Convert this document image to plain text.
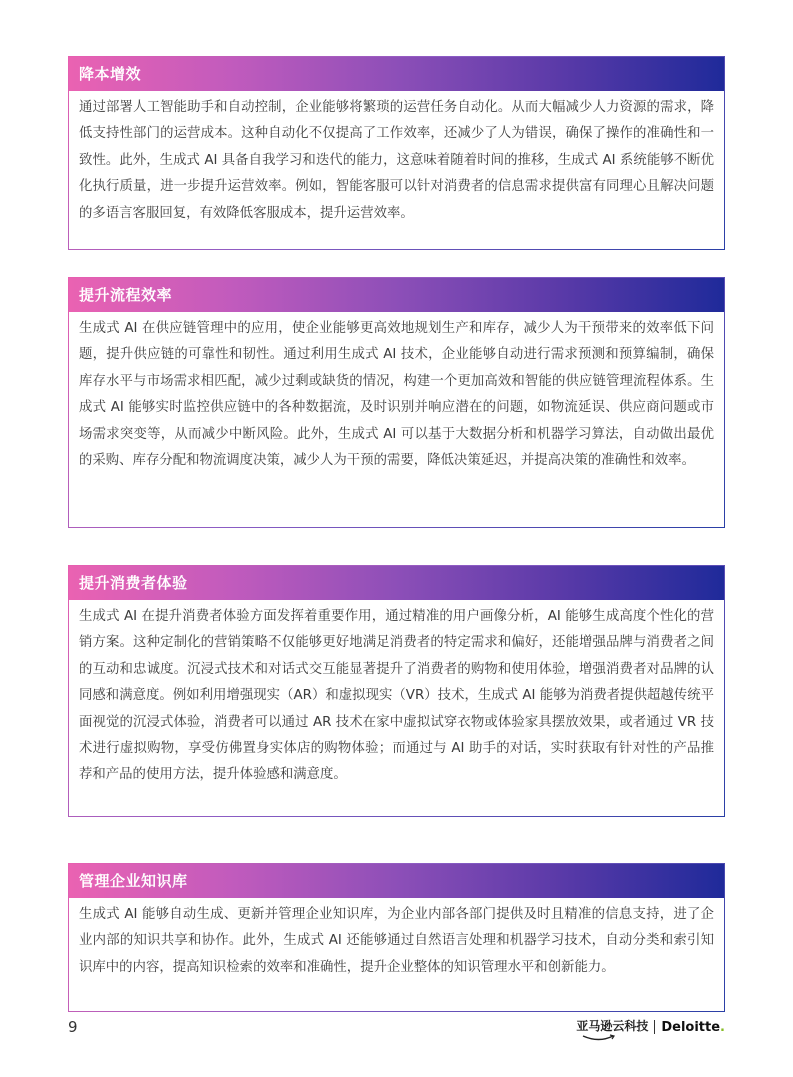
降本增效
通过部署人工智能助手和自动控制，企业能够将繁琐的运营任务自动化。从而大幅减少人力资源的需求，降低支持性部门的运营成本。这种自动化不仅提高了工作效率，还减少了人为错误，确保了操作的准确性和一致性。此外，生成式 AI 具备自我学习和迭代的能力，这意味着随着时间的推移，生成式 AI 系统能够不断优化执行质量，进一步提升运营效率。例如，智能客服可以针对消费者的信息需求提供富有同理心且解决问题的多语言客服回复，有效降低客服成本，提升运营效率。
提升流程效率
生成式 AI 在供应链管理中的应用，使企业能够更高效地规划生产和库存，减少人为干预带来的效率低下问题，提升供应链的可靠性和韧性。通过利用生成式 AI 技术，企业能够自动进行需求预测和预算编制，确保库存水平与市场需求相匹配，减少过剩或缺货的情况，构建一个更加高效和智能的供应链管理流程体系。生成式 AI 能够实时监控供应链中的各种数据流，及时识别并响应潜在的问题，如物流延误、供应商问题或市场需求突变等，从而减少中断风险。此外，生成式 AI 可以基于大数据分析和机器学习算法，自动做出最优的采购、库存分配和物流调度决策，减少人为干预的需要，降低决策延迟，并提高决策的准确性和效率。
提升消费者体验
生成式 AI 在提升消费者体验方面发挥着重要作用，通过精准的用户画像分析，AI 能够生成高度个性化的营销方案。这种定制化的营销策略不仅能够更好地满足消费者的特定需求和偏好，还能增强品牌与消费者之间的互动和忠诚度。沉浸式技术和对话式交互能显著提升了消费者的购物和使用体验，增强消费者对品牌的认同感和满意度。例如利用增强现实（AR）和虚拟现实（VR）技术，生成式 AI 能够为消费者提供超越传统平面视觉的沉浸式体验，消费者可以通过 AR 技术在家中虚拟试穿衣物或体验家具摆放效果，或者通过 VR 技术进行虚拟购物，享受仿佛置身实体店的购物体验；而通过与 AI 助手的对话，实时获取有针对性的产品推荐和产品的使用方法，提升体验感和满意度。
管理企业知识库
生成式 AI 能够自动生成、更新并管理企业知识库，为企业内部各部门提供及时且精准的信息支持，进了企业内部的知识共享和协作。此外，生成式 AI 还能够通过自然语言处理和机器学习技术，自动分类和索引知识库中的内容，提高知识检索的效率和准确性，提升企业整体的知识管理水平和创新能力。
9	亚马逊云科技 Deloitte.
